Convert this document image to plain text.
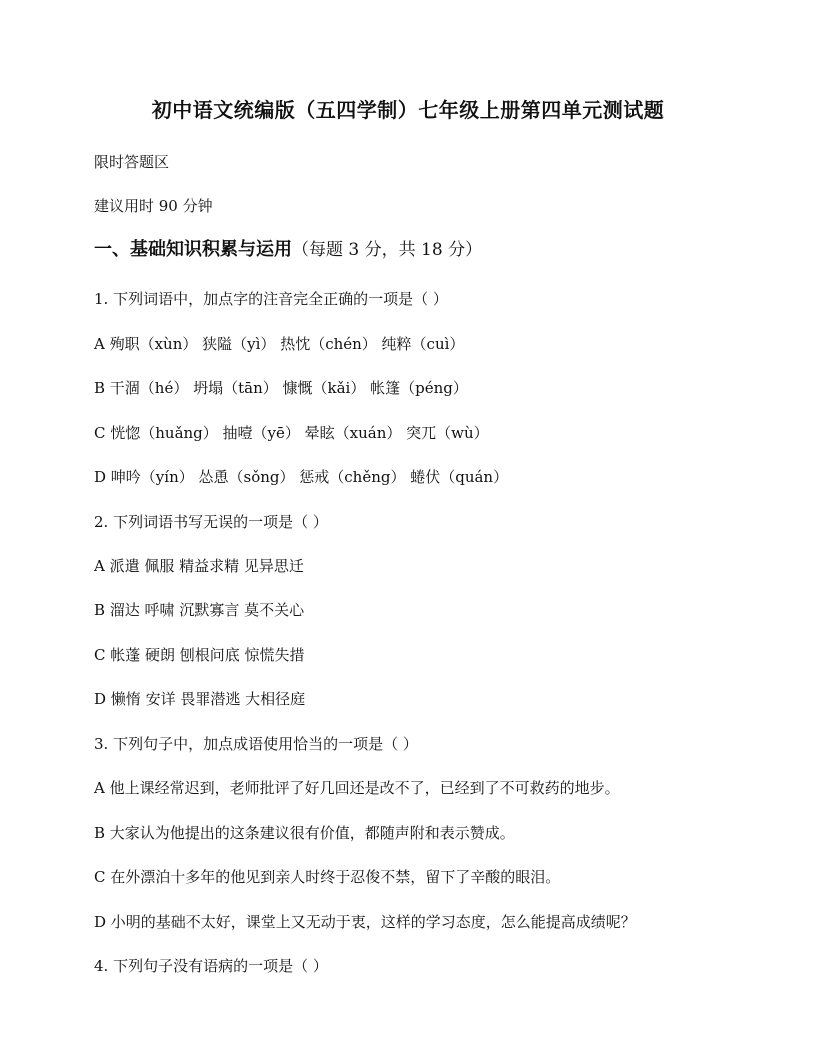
初中语文统编版（五四学制）七年级上册第四单元测试题
限时答题区
建议用时 90 分钟
一、基础知识积累与运用（每题 3 分，共 18 分）
1. 下列词语中，加点字的注音完全正确的一项是（ ）
A 殉职（xùn） 狭隘（yì） 热忱（chén） 纯粹（cuì）
B 干涸（hé） 坍塌（tān） 慷慨（kǎi） 帐篷（péng）
C 恍惚（huǎng） 抽噎（yē） 晕眩（xuán） 突兀（wù）
D 呻吟（yín） 怂恿（sǒng） 惩戒（chěng） 蜷伏（quán）
2. 下列词语书写无误的一项是（ ）
A 派遣 佩服 精益求精 见异思迁
B 溜达 呼啸 沉默寡言 莫不关心
C 帐蓬 硬朗 刨根问底 惊慌失措
D 懒惰 安详 畏罪潜逃 大相径庭
3. 下列句子中，加点成语使用恰当的一项是（ ）
A 他上课经常迟到，老师批评了好几回还是改不了，已经到了不可救药的地步。
B 大家认为他提出的这条建议很有价值，都随声附和表示赞成。
C 在外漂泊十多年的他见到亲人时终于忍俊不禁，留下了辛酸的眼泪。
D 小明的基础不太好，课堂上又无动于衷，这样的学习态度，怎么能提高成绩呢？
4. 下列句子没有语病的一项是（ ）
